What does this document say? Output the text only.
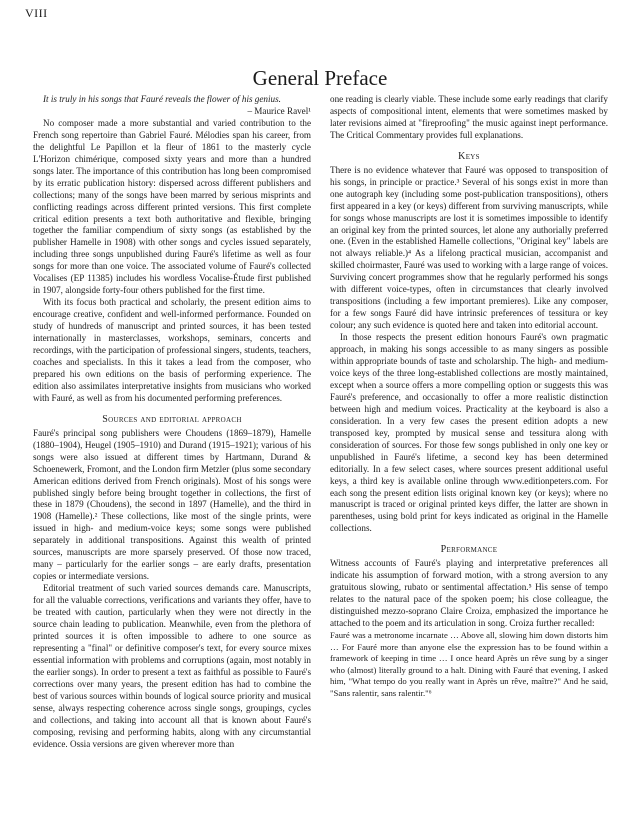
VIII
General Preface

It is truly in his songs that Fauré reveals the flower of his genius.

– Maurice Ravel¹

No composer made a more substantial and varied contribution to the French song repertoire than Gabriel Fauré. Mélodies span his career, from the delightful Le Papillon et la fleur of 1861 to the masterly cycle L'Horizon chimérique, composed sixty years and more than a hundred songs later. The importance of this contribution has long been compromised by its erratic publication history: dispersed across different publishers and collections; many of the songs have been marred by serious misprints and conflicting readings across different printed versions. This first complete critical edition presents a text both authoritative and flexible, bringing together the familiar compendium of sixty songs (as established by the publisher Hamelle in 1908) with other songs and cycles issued separately, including three songs unpublished during Fauré's lifetime as well as four songs for more than one voice. The associated volume of Fauré's collected Vocalises (EP 11385) includes his wordless Vocalise-Étude first published in 1907, alongside forty-four others published for the first time.

With its focus both practical and scholarly, the present edition aims to encourage creative, confident and well-informed performance. Founded on study of hundreds of manuscript and printed sources, it has been tested internationally in masterclasses, workshops, seminars, concerts and recordings, with the participation of professional singers, students, teachers, coaches and specialists. In this it takes a lead from the composer, who prepared his own editions on the basis of performing experience. The edition also assimilates interpretative insights from musicians who worked with Fauré, as well as from his documented performing preferences.

Sources and editorial approach

Fauré's principal song publishers were Choudens (1869–1879), Hamelle (1880–1904), Heugel (1905–1910) and Durand (1915–1921); various of his songs were also issued at different times by Hartmann, Durand & Schoenewerk, Fromont, and the London firm Metzler (plus some secondary American editions derived from French originals). Most of his songs were published singly before being brought together in collections, the first of these in 1879 (Choudens), the second in 1897 (Hamelle), and the third in 1908 (Hamelle).² These collections, like most of the single prints, were issued in high- and medium-voice keys; some songs were published separately in additional transpositions. Against this wealth of printed sources, manuscripts are more sparsely preserved. Of those now traced, many – particularly for the earlier songs – are early drafts, presentation copies or intermediate versions.

Editorial treatment of such varied sources demands care. Manuscripts, for all the valuable corrections, verifications and variants they offer, have to be treated with caution, particularly when they were not directly in the source chain leading to publication. Meanwhile, even from the plethora of printed sources it is often impossible to adhere to one source as representing a "final" or definitive composer's text, for every source mixes essential information with problems and corruptions (again, most notably in the earlier songs). In order to present a text as faithful as possible to Fauré's corrections over many years, the present edition has had to combine the best of various sources within bounds of logical source priority and musical sense, always respecting coherence across single songs, groupings, cycles and collections, and taking into account all that is known about Fauré's composing, revising and performing habits, along with any circumstantial evidence. Ossia versions are given wherever more than

one reading is clearly viable. These include some early readings that clarify aspects of compositional intent, elements that were sometimes masked by later revisions aimed at "fireproofing" the music against inept performance. The Critical Commentary provides full explanations.

Keys

There is no evidence whatever that Fauré was opposed to transposition of his songs, in principle or practice.³ Several of his songs exist in more than one autograph key (including some post-publication transpositions), others first appeared in a key (or keys) different from surviving manuscripts, while for songs whose manuscripts are lost it is sometimes impossible to identify an original key from the printed sources, let alone any authorially preferred one. (Even in the established Hamelle collections, "Original key" labels are not always reliable.)⁴ As a lifelong practical musician, accompanist and skilled choirmaster, Fauré was used to working with a large range of voices. Surviving concert programmes show that he regularly performed his songs with different voice-types, often in circumstances that clearly involved transpositions (including a few important premieres). Like any composer, for a few songs Fauré did have intrinsic preferences of tessitura or key colour; any such evidence is quoted here and taken into editorial account.

In those respects the present edition honours Fauré's own pragmatic approach, in making his songs accessible to as many singers as possible within appropriate bounds of taste and scholarship. The high- and medium-voice keys of the three long-established collections are mostly maintained, except when a source offers a more compelling option or suggests this was Fauré's preference, and occasionally to offer a more realistic distinction between high and medium voices. Practicality at the keyboard is also a consideration. In a very few cases the present edition adopts a new transposed key, prompted by musical sense and tessitura along with consideration of sources. For those few songs published in only one key or unpublished in Fauré's lifetime, a second key has been determined editorially. In a few select cases, where sources present additional useful keys, a third key is available online through www.editionpeters.com. For each song the present edition lists original known key (or keys); where no manuscript is traced or original printed keys differ, the latter are shown in parentheses, using bold print for keys indicated as original in the Hamelle collections.

Performance

Witness accounts of Fauré's playing and interpretative preferences all indicate his assumption of forward motion, with a strong aversion to any gratuitous slowing, rubato or sentimental affectation.⁵ His sense of tempo relates to the natural pace of the spoken poem; his close colleague, the distinguished mezzo-soprano Claire Croiza, emphasized the importance he attached to the poem and its articulation in song. Croiza further recalled:

Fauré was a metronome incarnate … Above all, slowing him down distorts him … For Fauré more than anyone else the expression has to be found within a framework of keeping in time … I once heard Après un rêve sung by a singer who (almost) literally ground to a halt. Dining with Fauré that evening, I asked him, "What tempo do you really want in Après un rêve, maître?" And he said, "Sans ralentir, sans ralentir."⁶
